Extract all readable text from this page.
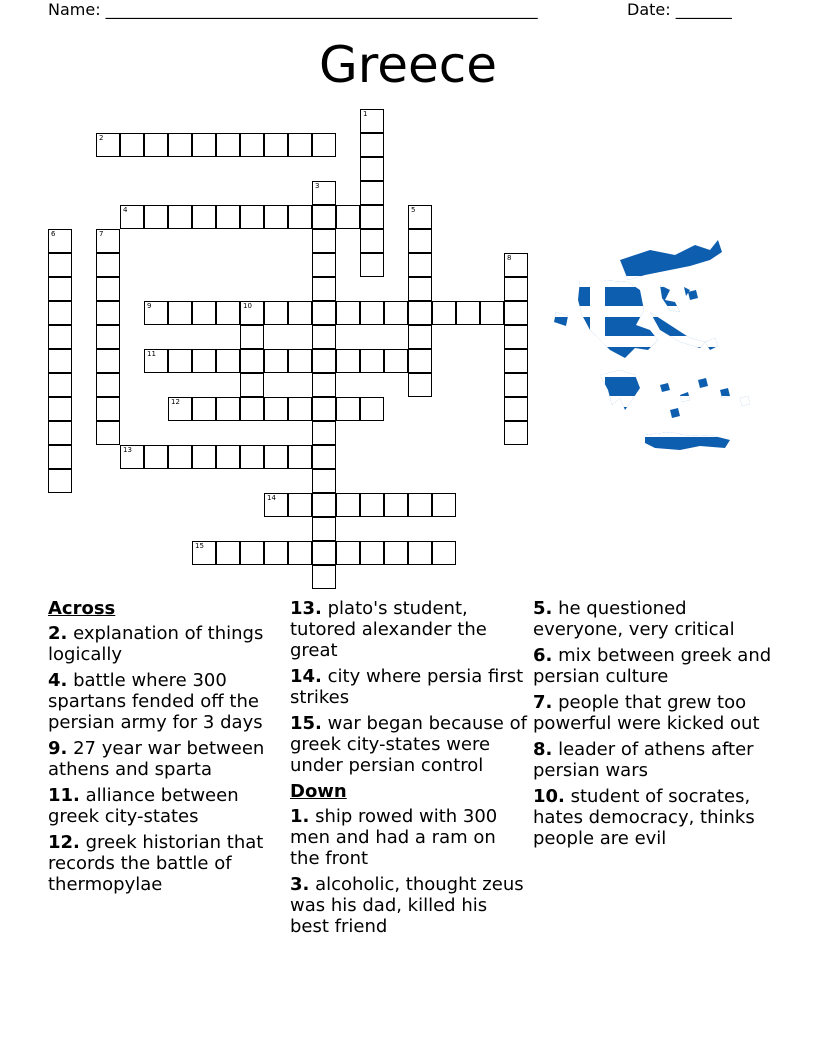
Name: ______________________________________________________	Date: _______
Greece
1
2
3
4	5
6	7
8
9	10
11
12
13
14
15
Across
2. explanation of things logically
4. battle where 300 spartans fended off the persian army for 3 days
9. 27 year war between athens and sparta
11. alliance between greek city-states
12. greek historian that records the battle of thermopylae
13. plato's student, tutored alexander the great
14. city where persia first strikes
15. war began because of greek city-states were under persian control
Down
1. ship rowed with 300 men and had a ram on the front
3. alcoholic, thought zeus was his dad, killed his best friend
5. he questioned everyone, very critical
6. mix between greek and persian culture
7. people that grew too powerful were kicked out
8. leader of athens after persian wars
10. student of socrates, hates democracy, thinks people are evil
